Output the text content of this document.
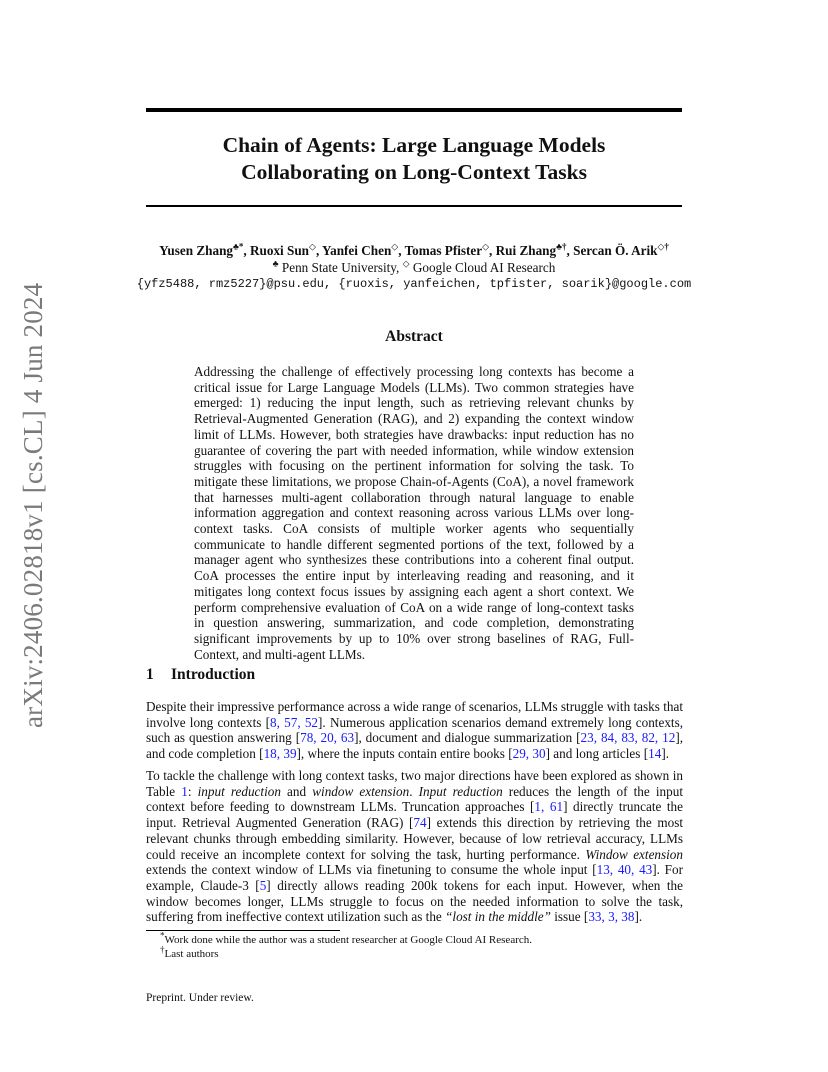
arXiv:2406.02818v1 [cs.CL] 4 Jun 2024
Chain of Agents: Large Language Models
Collaborating on Long-Context Tasks
Yusen Zhang♣*, Ruoxi Sun◇, Yanfei Chen◇, Tomas Pfister◇, Rui Zhang♣†, Sercan Ö. Arik◇†
♣ Penn State University, ◇ Google Cloud AI Research
{yfz5488, rmz5227}@psu.edu, {ruoxis, yanfeichen, tpfister, soarik}@google.com
Abstract

Addressing the challenge of effectively processing long contexts has become a critical issue for Large Language Models (LLMs). Two common strategies have emerged: 1) reducing the input length, such as retrieving relevant chunks by Retrieval-Augmented Generation (RAG), and 2) expanding the context window limit of LLMs. However, both strategies have drawbacks: input reduction has no guarantee of covering the part with needed information, while window extension struggles with focusing on the pertinent information for solving the task. To mitigate these limitations, we propose Chain-of-Agents (CoA), a novel framework that harnesses multi-agent collaboration through natural language to enable information aggregation and context reasoning across various LLMs over long-context tasks. CoA consists of multiple worker agents who sequentially communicate to handle different segmented portions of the text, followed by a manager agent who synthesizes these contributions into a coherent final output. CoA processes the entire input by interleaving reading and reasoning, and it mitigates long context focus issues by assigning each agent a short context. We perform comprehensive evaluation of CoA on a wide range of long-context tasks in question answering, summarization, and code completion, demonstrating significant improvements by up to 10% over strong baselines of RAG, Full-Context, and multi-agent LLMs.

1 Introduction

Despite their impressive performance across a wide range of scenarios, LLMs struggle with tasks that involve long contexts [8, 57, 52]. Numerous application scenarios demand extremely long contexts, such as question answering [78, 20, 63], document and dialogue summarization [23, 84, 83, 82, 12], and code completion [18, 39], where the inputs contain entire books [29, 30] and long articles [14].

To tackle the challenge with long context tasks, two major directions have been explored as shown in Table 1: input reduction and window extension. Input reduction reduces the length of the input context before feeding to downstream LLMs. Truncation approaches [1, 61] directly truncate the input. Retrieval Augmented Generation (RAG) [74] extends this direction by retrieving the most relevant chunks through embedding similarity. However, because of low retrieval accuracy, LLMs could receive an incomplete context for solving the task, hurting performance. Window extension extends the context window of LLMs via finetuning to consume the whole input [13, 40, 43]. For example, Claude-3 [5] directly allows reading 200k tokens for each input. However, when the window becomes longer, LLMs struggle to focus on the needed information to solve the task, suffering from ineffective context utilization such as the “lost in the middle” issue [33, 3, 38].

*Work done while the author was a student researcher at Google Cloud AI Research.

†Last authors

Preprint. Under review.
